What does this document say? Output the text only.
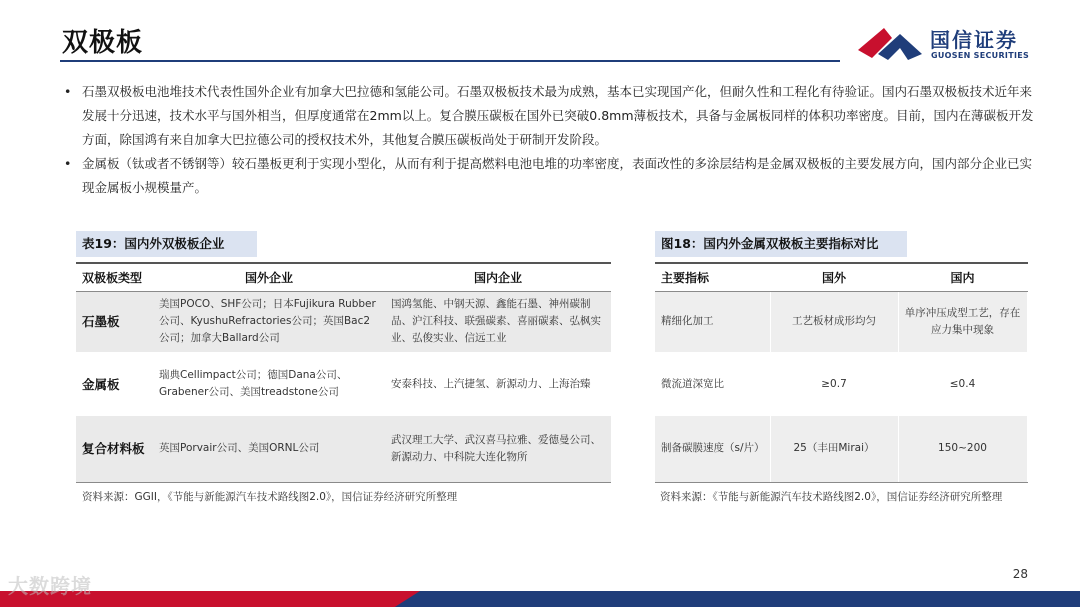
双极板	国信证券
GUOSEN SECURITIES
• 石墨双极板电池堆技术代表性国外企业有加拿大巴拉德和氢能公司。石墨双极板技术最为成熟，基本已实现国产化，但耐久性和工程化有待验证。国内石墨双极板技术近年来发展十分迅速，技术水平与国外相当，但厚度通常在2mm以上。复合膜压碳板在国外已突破0.8mm薄板技术，具备与金属板同样的体积功率密度。目前，国内在薄碳板开发方面，除国鸿有来自加拿大巴拉德公司的授权技术外，其他复合膜压碳板尚处于研制开发阶段。
• 金属板（钛或者不锈钢等）较石墨板更利于实现小型化，从而有利于提高燃料电池电堆的功率密度，表面改性的多涂层结构是金属双极板的主要发展方向，国内部分企业已实现金属板小规模量产。
表19：国内外双极板企业
双极板类型	国外企业	国内企业
石墨板	美国POCO、SHF公司；日本Fujikura Rubber公司、KyushuRefractories公司；英国Bac2公司；加拿大Ballard公司	国鸿氢能、中钢天源、鑫能石墨、神州碳制品、沪江科技、联强碳素、喜丽碳素、弘枫实业、弘俊实业、信远工业
金属板	瑞典Cellimpact公司；德国Dana公司、Grabener公司、美国treadstone公司	安泰科技、上汽捷氢、新源动力、上海治臻
复合材料板	英国Porvair公司、美国ORNL公司	武汉理工大学、武汉喜马拉雅、爱德曼公司、新源动力、中科院大连化物所
资料来源：GGII，《节能与新能源汽车技术路线图2.0》，国信证券经济研究所整理
图18：国内外金属双极板主要指标对比
主要指标	国外	国内
精细化加工	工艺板材成形均匀	单序冲压成型工艺，存在应力集中现象
微流道深宽比	≥0.7	≤0.4
制备碳膜速度（s/片）	25（丰田Mirai）	150~200
资料来源：《节能与新能源汽车技术路线图2.0》，国信证券经济研究所整理
28
大数跨境
